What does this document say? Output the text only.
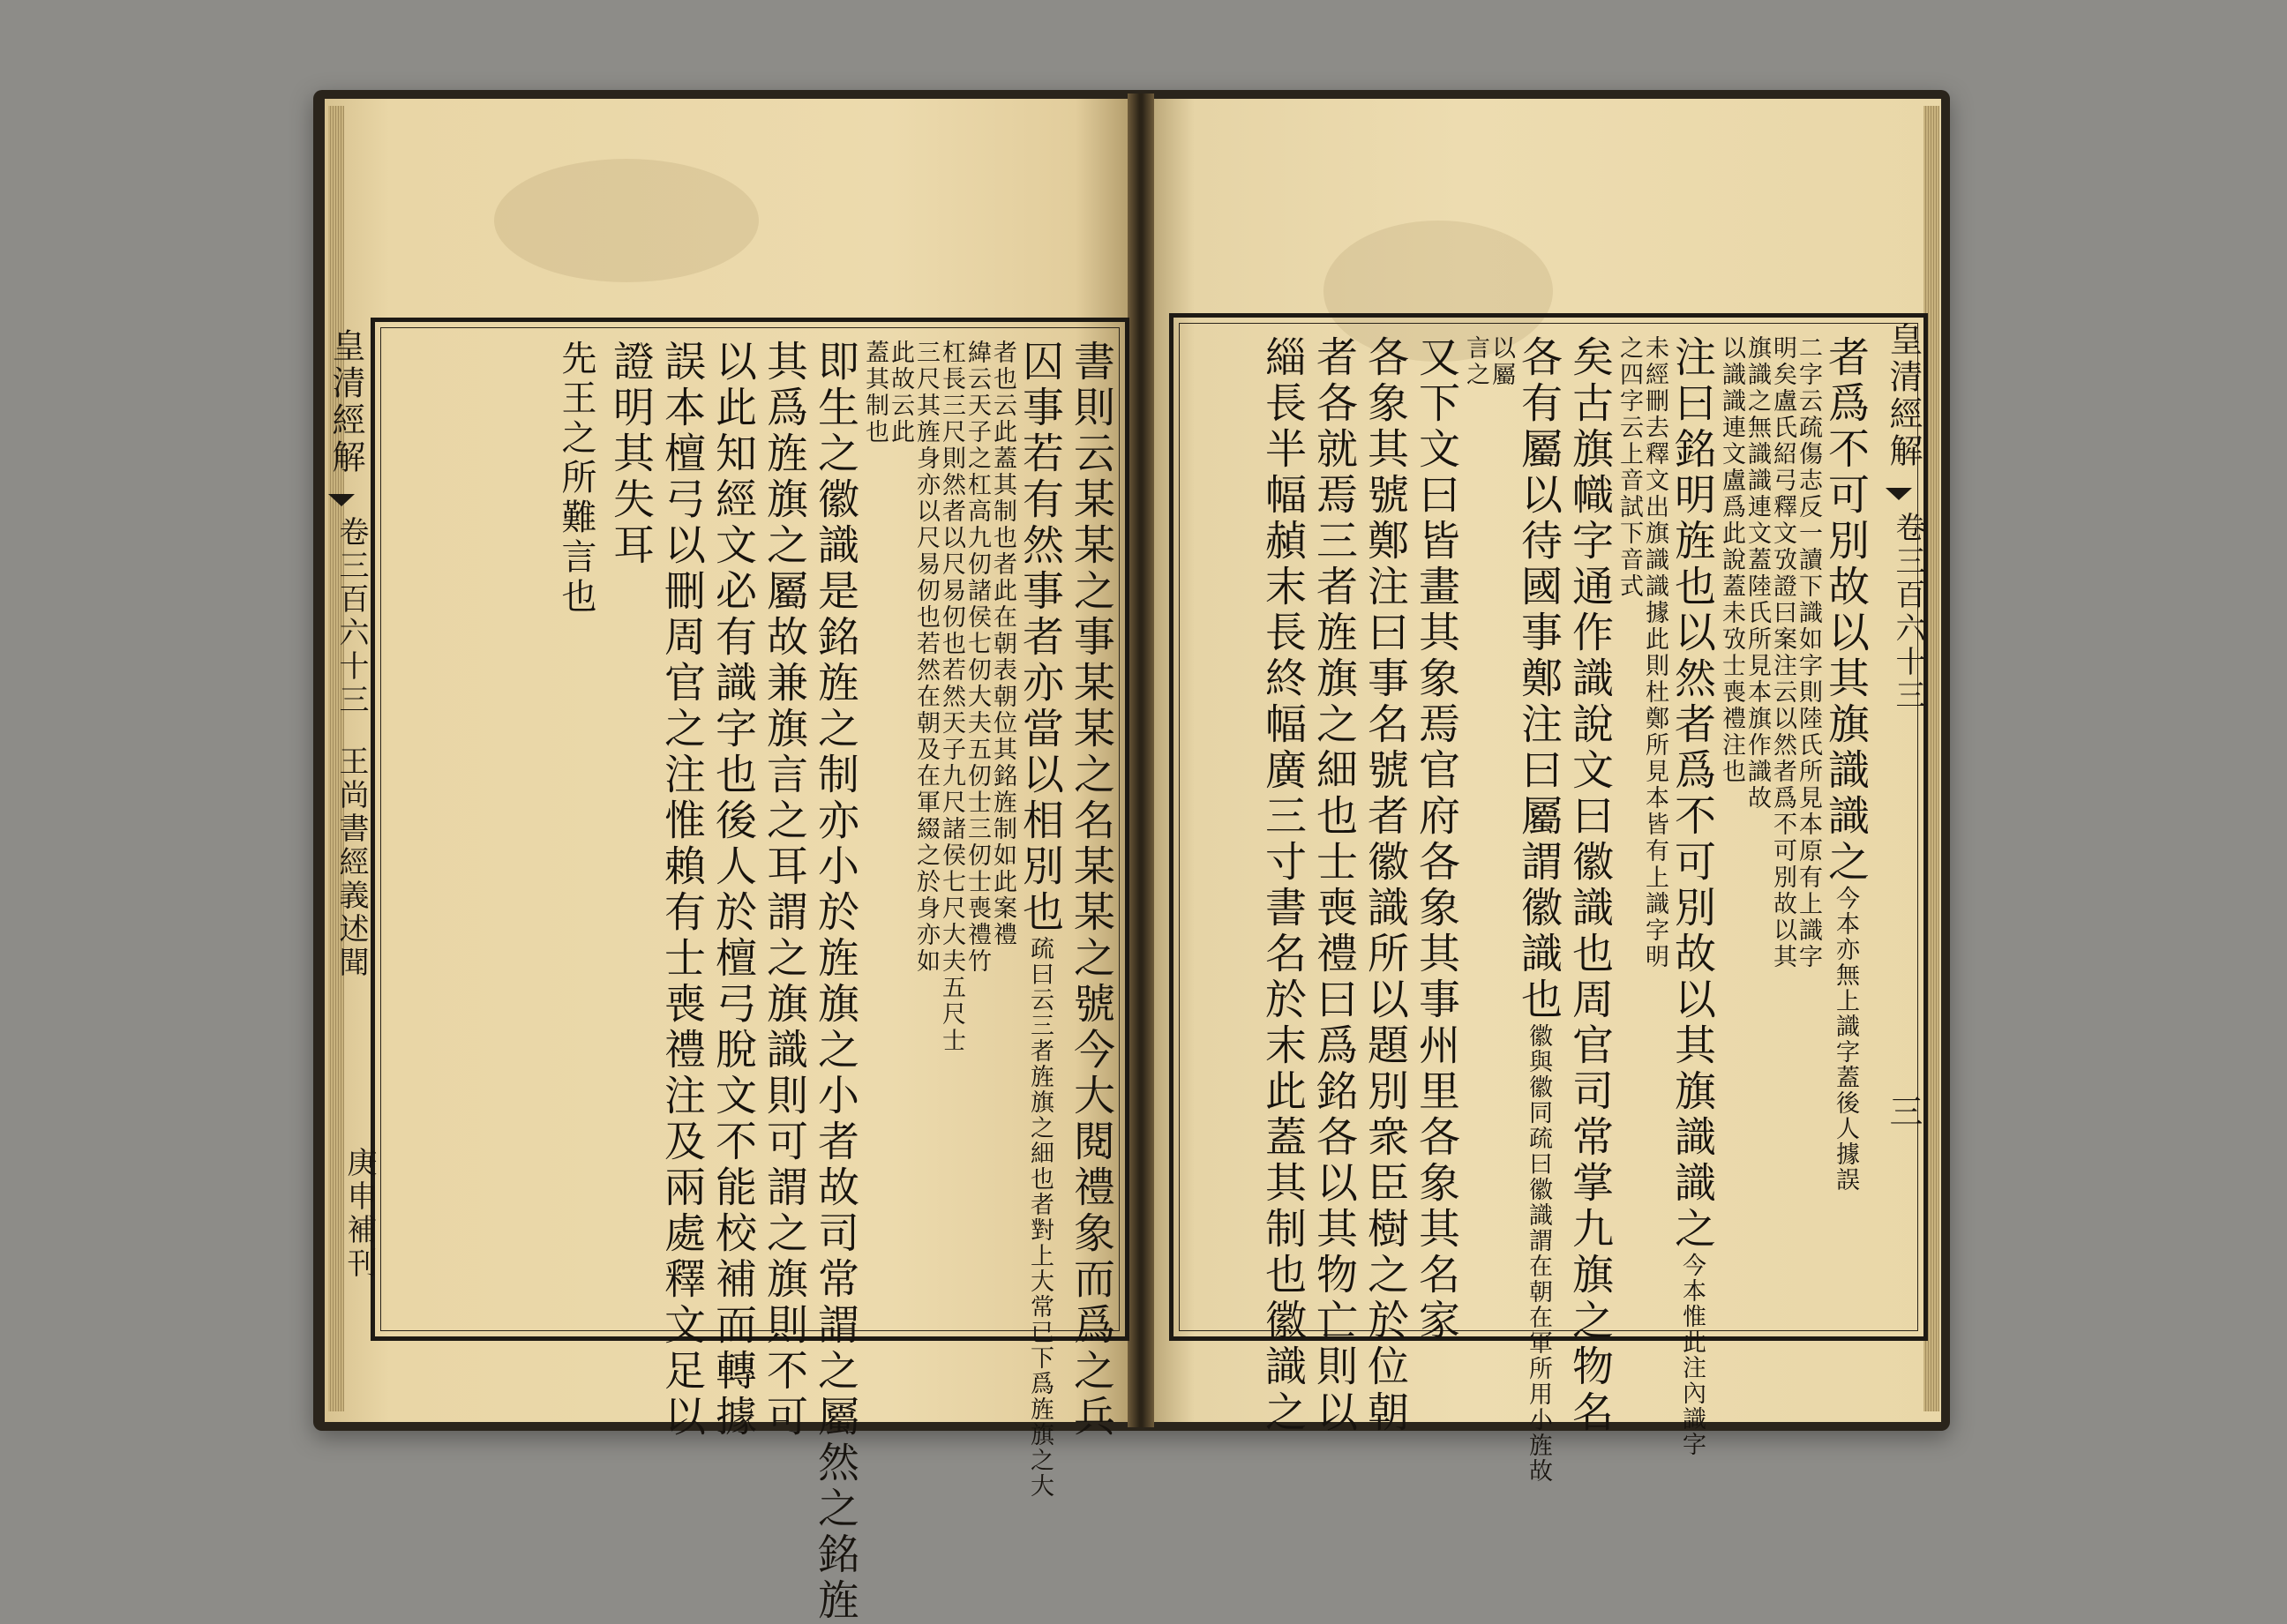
皇清經解
卷三百六十三
王尚書經義述聞
庚申補刊
皇清經解
卷三百六十三
三
書則云某某之事某某之名某某之號今大閱禮象而爲之兵
囚事若有然事者亦當以相別也疏曰云三者旌旗之細也者對上大常已下爲旌旗之大
者也云此蓋其制也者此在朝表朝位其銘旌制如此案禮
緯云天子之杠高九仞諸侯七仞大夫五仞士三仞士喪禮竹
杠長三尺則然者以尺易仞也若然天子九尺諸侯七尺大夫五尺士
三尺其旌身亦以尺易仞也若然在朝及在軍綴之於身亦如
此故云此
蓋其制也
即生之徽識是銘旌之制亦小於旌旗之小者故司常謂之屬然之銘旌
其爲旌旗之屬故兼旗言之耳謂之旗識則可謂之旗則不可
以此知經文必有識字也後人於檀弓脫文不能校補而轉據
誤本檀弓以刪周官之注惟賴有士喪禮注及兩處釋文足以
證明其失耳
先王之所難言也	者爲不可別故以其旗識識之今本亦無上識字蓋後人據誤
二字云疏傷志反一讀下識如字則陸氏所見本原有上識字
明矣盧氏紹弓釋文攷證曰案注云以然者爲不可別故以其
旗識之無識識連文蓋陸氏所見本旗作識故
以識識連文盧爲此說蓋未攷士喪禮注也
注曰銘明旌也以然者爲不可別故以其旗識識之今本惟此注內識字
未經刪去釋文出旗識識據此則杜鄭所見本皆有上識字明
之四字云上音試下音式
矣古旗幟字通作識說文曰徽識也周官司常掌九旗之物名
各有屬以待國事鄭注曰屬謂徽識也徽與徽同疏曰徽識謂在朝在軍所用小旌故
以屬
言之
又下文曰皆畫其象焉官府各象其事州里各象其名家
各象其號鄭注曰事名號者徽識所以題別衆臣樹之於位朝
者各就焉三者旌旗之細也士喪禮曰爲銘各以其物亡則以
緇長半幅赬末長終幅廣三寸書名於末此蓋其制也徽識之
